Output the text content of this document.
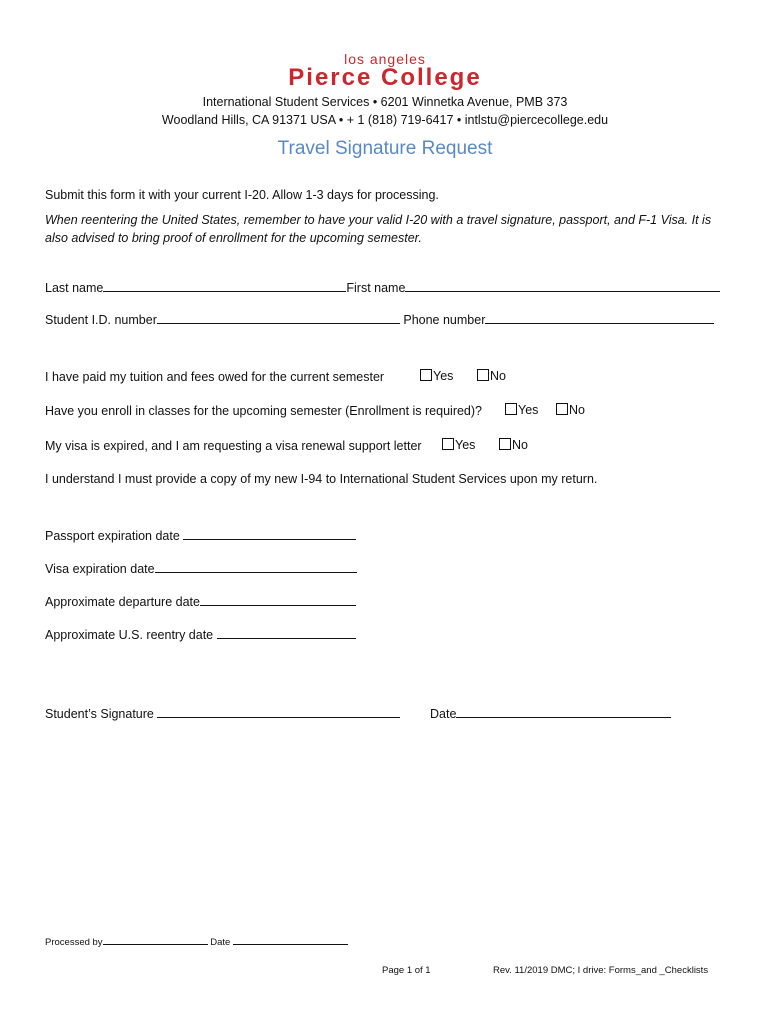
los angeles
Pierce College
International Student Services • 6201 Winnetka Avenue, PMB 373
Woodland Hills, CA 91371 USA • + 1 (818) 719-6417 • intlstu@piercecollege.edu
Travel Signature Request
Submit this form it with your current I-20. Allow 1-3 days for processing.
When reentering the United States, remember to have your valid I-20 with a travel signature, passport, and F-1 Visa. It is
also advised to bring proof of enrollment for the upcoming semester.
Last name	First name
Student I.D. number	Phone number
I have paid my tuition and fees owed for the current semester	Yes	No
Have you enroll in classes for the upcoming semester (Enrollment is required)?	Yes	No
My visa is expired, and I am requesting a visa renewal support letter	Yes	No
I understand I must provide a copy of my new I-94 to International Student Services upon my return.
Passport expiration date
Visa expiration date
Approximate departure date
Approximate U.S. reentry date
Student’s Signature	Date
Processed by	Date
Page 1 of 1	Rev. 11/2019 DMC; I drive: Forms_and _Checklists
